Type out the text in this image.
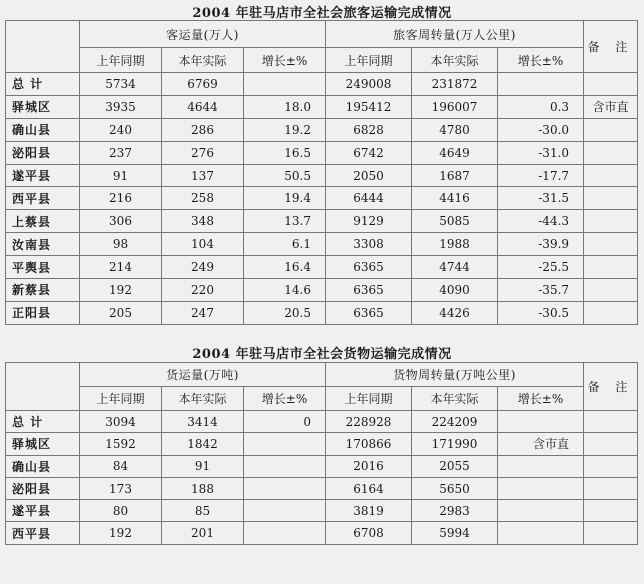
2004 年驻马店市全社会旅客运输完成情况
	客运量(万人)			旅客周转量(万人公里)			备 注
	上年同期	本年实际	增长±%	上年同期	本年实际	增长±%	
总 计	5734	6769		249008	231872		
驿城区	3935	4644	18.0	195412	196007	0.3	含市直
确山县	240	286	19.2	6828	4780	-30.0	
泌阳县	237	276	16.5	6742	4649	-31.0	
遂平县	91	137	50.5	2050	1687	-17.7	
西平县	216	258	19.4	6444	4416	-31.5	
上蔡县	306	348	13.7	9129	5085	-44.3	
汝南县	98	104	6.1	3308	1988	-39.9	
平舆县	214	249	16.4	6365	4744	-25.5	
新蔡县	192	220	14.6	6365	4090	-35.7	
正阳县	205	247	20.5	6365	4426	-30.5	
2004 年驻马店市全社会货物运输完成情况
	货运量(万吨)			货物周转量(万吨公里)			备 注
	上年同期	本年实际	增长±%	上年同期	本年实际	增长±%	
总 计	3094	3414	0	228928	224209		
驿城区	1592	1842		170866	171990	含市直	
确山县	84	91		2016	2055		
泌阳县	173	188		6164	5650		
遂平县	80	85		3819	2983		
西平县	192	201		6708	5994		
